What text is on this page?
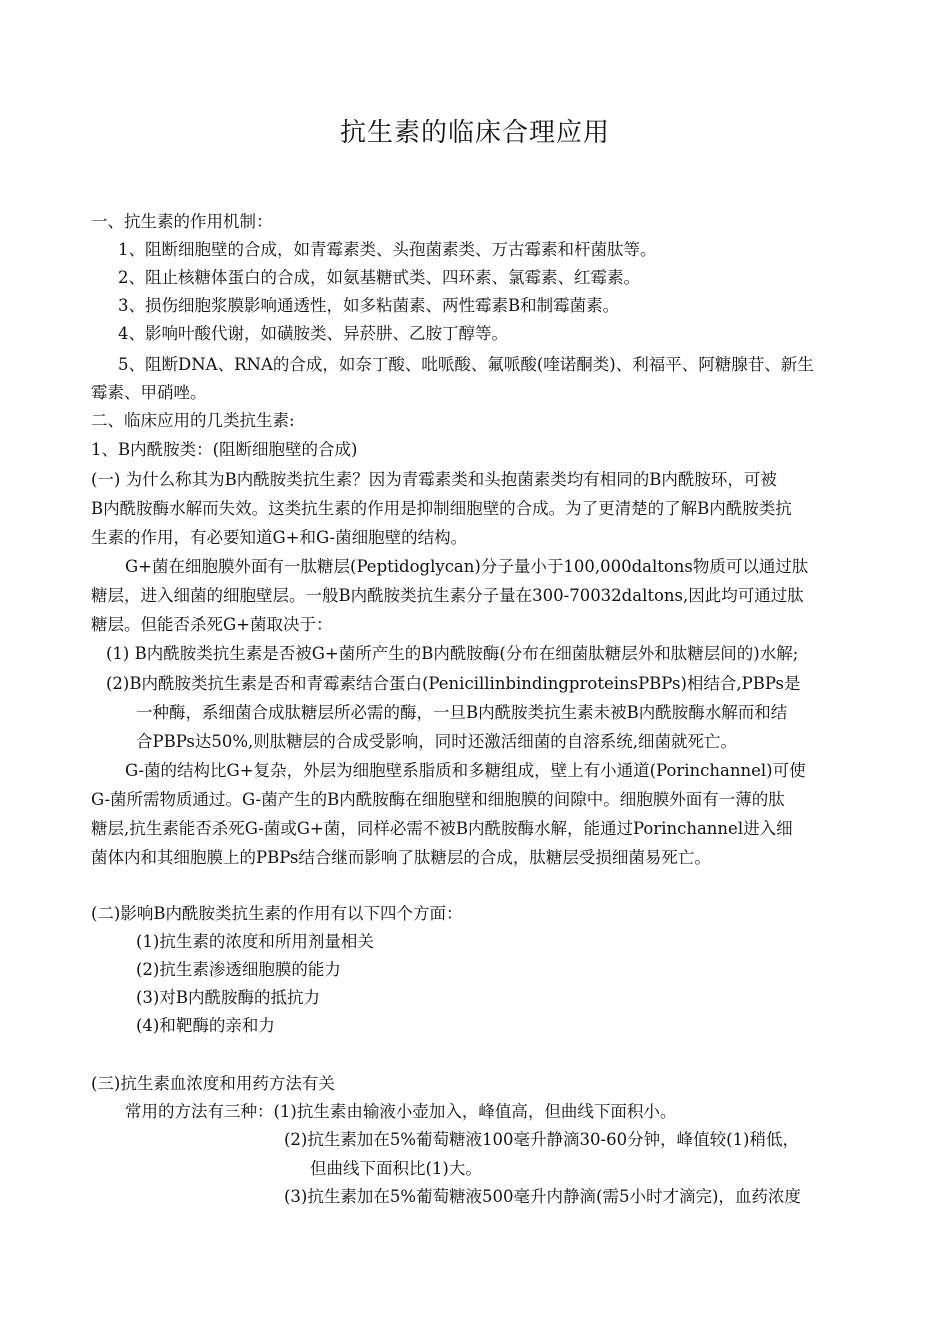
抗生素的临床合理应用
一、抗生素的作用机制：
1、阻断细胞壁的合成，如青霉素类、头孢菌素类、万古霉素和杆菌肽等。
2、阻止核糖体蛋白的合成，如氨基糖甙类、四环素、氯霉素、红霉素。
3、损伤细胞浆膜影响通透性，如多粘菌素、两性霉素B和制霉菌素。
4、影响叶酸代谢，如磺胺类、异菸肼、乙胺丁醇等。
5、阻断DNA、RNA的合成，如奈丁酸、吡哌酸、氟哌酸(喹诺酮类)、利福平、阿糖腺苷、新生
霉素、甲硝唑。
二、临床应用的几类抗生素:
1、B内酰胺类：(阻断细胞壁的合成)
(一) 为什么称其为B内酰胺类抗生素？因为青霉素类和头抱菌素类均有相同的B内酰胺环，可被
B内酰胺酶水解而失效。这类抗生素的作用是抑制细胞壁的合成。为了更清楚的了解B内酰胺类抗
生素的作用，有必要知道G+和G-菌细胞壁的结构。
G+菌在细胞膜外面有一肽糖层(Peptidoglycan)分子量小于100,000daltons物质可以通过肽
糖层，进入细菌的细胞壁层。一般B内酰胺类抗生素分子量在300-70032daltons,因此均可通过肽
糖层。但能否杀死G+菌取决于：
(1) B内酰胺类抗生素是否被G+菌所产生的B内酰胺酶(分布在细菌肽糖层外和肽糖层间的)水解;
(2)B内酰胺类抗生素是否和青霉素结合蛋白(PenicillinbindingproteinsPBPs)相结合,PBPs是
一种酶，系细菌合成肽糖层所必需的酶，一旦B内酰胺类抗生素未被B内酰胺酶水解而和结
合PBPs达50%,则肽糖层的合成受影响，同时还激活细菌的自溶系统,细菌就死亡。
G-菌的结构比G+复杂，外层为细胞壁系脂质和多糖组成，壁上有小通道(Porinchannel)可使
G-菌所需物质通过。G-菌产生的B内酰胺酶在细胞壁和细胞膜的间隙中。细胞膜外面有一薄的肽
糖层,抗生素能否杀死G-菌或G+菌，同样必需不被B内酰胺酶水解，能通过Porinchannel进入细
菌体内和其细胞膜上的PBPs结合继而影响了肽糖层的合成，肽糖层受损细菌易死亡。
(二)影响B内酰胺类抗生素的作用有以下四个方面：
(1)抗生素的浓度和所用剂量相关
(2)抗生素渗透细胞膜的能力
(3)对B内酰胺酶的抵抗力
(4)和靶酶的亲和力
(三)抗生素血浓度和用药方法有关
常用的方法有三种：(1)抗生素由输液小壶加入，峰值高，但曲线下面积小。
(2)抗生素加在5%葡萄糖液100毫升静滴30-60分钟，峰值较(1)稍低，
但曲线下面积比(1)大。
(3)抗生素加在5%葡萄糖液500毫升内静滴(需5小时才滴完)，血药浓度
